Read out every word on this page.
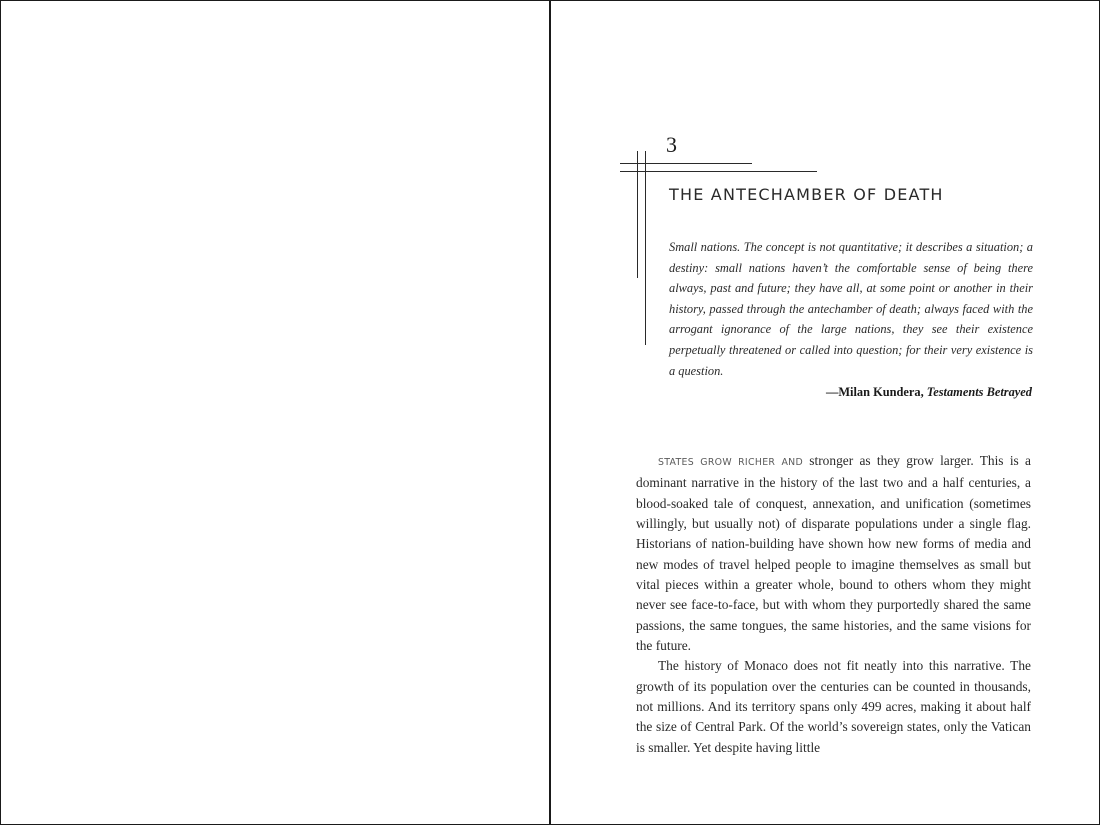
3
THE ANTECHAMBER OF DEATH

Small nations. The concept is not quantitative; it describes a situation; a destiny: small nations haven’t the comfortable sense of being there always, past and future; they have all, at some point or another in their history, passed through the antechamber of death; always faced with the arrogant ignorance of the large nations, they see their existence perpetually threatened or called into question; for their very existence is a question.

—Milan Kundera, Testaments Betrayed

STATES GROW RICHER AND stronger as they grow larger. This is a dominant narrative in the history of the last two and a half centuries, a blood-soaked tale of conquest, annexation, and unification (sometimes willingly, but usually not) of disparate populations under a single flag. Historians of nation-building have shown how new forms of media and new modes of travel helped people to imagine themselves as small but vital pieces within a greater whole, bound to others whom they might never see face-to-face, but with whom they purportedly shared the same passions, the same tongues, the same histories, and the same visions for the future.

The history of Monaco does not fit neatly into this narrative. The growth of its population over the centuries can be counted in thousands, not millions. And its territory spans only 499 acres, making it about half the size of Central Park. Of the world’s sovereign states, only the Vatican is smaller. Yet despite having little
